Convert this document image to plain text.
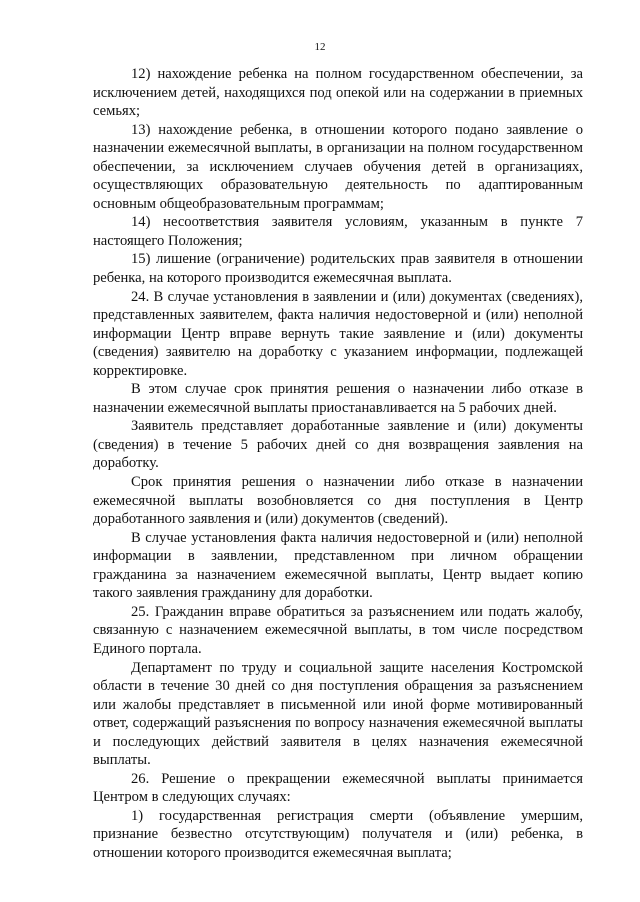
12

12) нахождение ребенка на полном государственном обеспечении, за исключением детей, находящихся под опекой или на содержании в приемных семьях;

13) нахождение ребенка, в отношении которого подано заявление о назначении ежемесячной выплаты, в организации на полном государственном обеспечении, за исключением случаев обучения детей в организациях, осуществляющих образовательную деятельность по адаптированным основным общеобразовательным программам;

14) несоответствия заявителя условиям, указанным в пункте 7 настоящего Положения;

15) лишение (ограничение) родительских прав заявителя в отношении ребенка, на которого производится ежемесячная выплата.

24. В случае установления в заявлении и (или) документах (сведениях), представленных заявителем, факта наличия недостоверной и (или) неполной информации Центр вправе вернуть такие заявление и (или) документы (сведения) заявителю на доработку с указанием информации, подлежащей корректировке.

В этом случае срок принятия решения о назначении либо отказе в назначении ежемесячной выплаты приостанавливается на 5 рабочих дней.

Заявитель представляет доработанные заявление и (или) документы (сведения) в течение 5 рабочих дней со дня возвращения заявления на доработку.

Срок принятия решения о назначении либо отказе в назначении ежемесячной выплаты возобновляется со дня поступления в Центр доработанного заявления и (или) документов (сведений).

В случае установления факта наличия недостоверной и (или) неполной информации в заявлении, представленном при личном обращении гражданина за назначением ежемесячной выплаты, Центр выдает копию такого заявления гражданину для доработки.

25. Гражданин вправе обратиться за разъяснением или подать жалобу, связанную с назначением ежемесячной выплаты, в том числе посредством Единого портала.

Департамент по труду и социальной защите населения Костромской области в течение 30 дней со дня поступления обращения за разъяснением или жалобы представляет в письменной или иной форме мотивированный ответ, содержащий разъяснения по вопросу назначения ежемесячной выплаты и последующих действий заявителя в целях назначения ежемесячной выплаты.

26. Решение о прекращении ежемесячной выплаты принимается Центром в следующих случаях:

1) государственная регистрация смерти (объявление умершим, признание безвестно отсутствующим) получателя и (или) ребенка, в отношении которого производится ежемесячная выплата;
